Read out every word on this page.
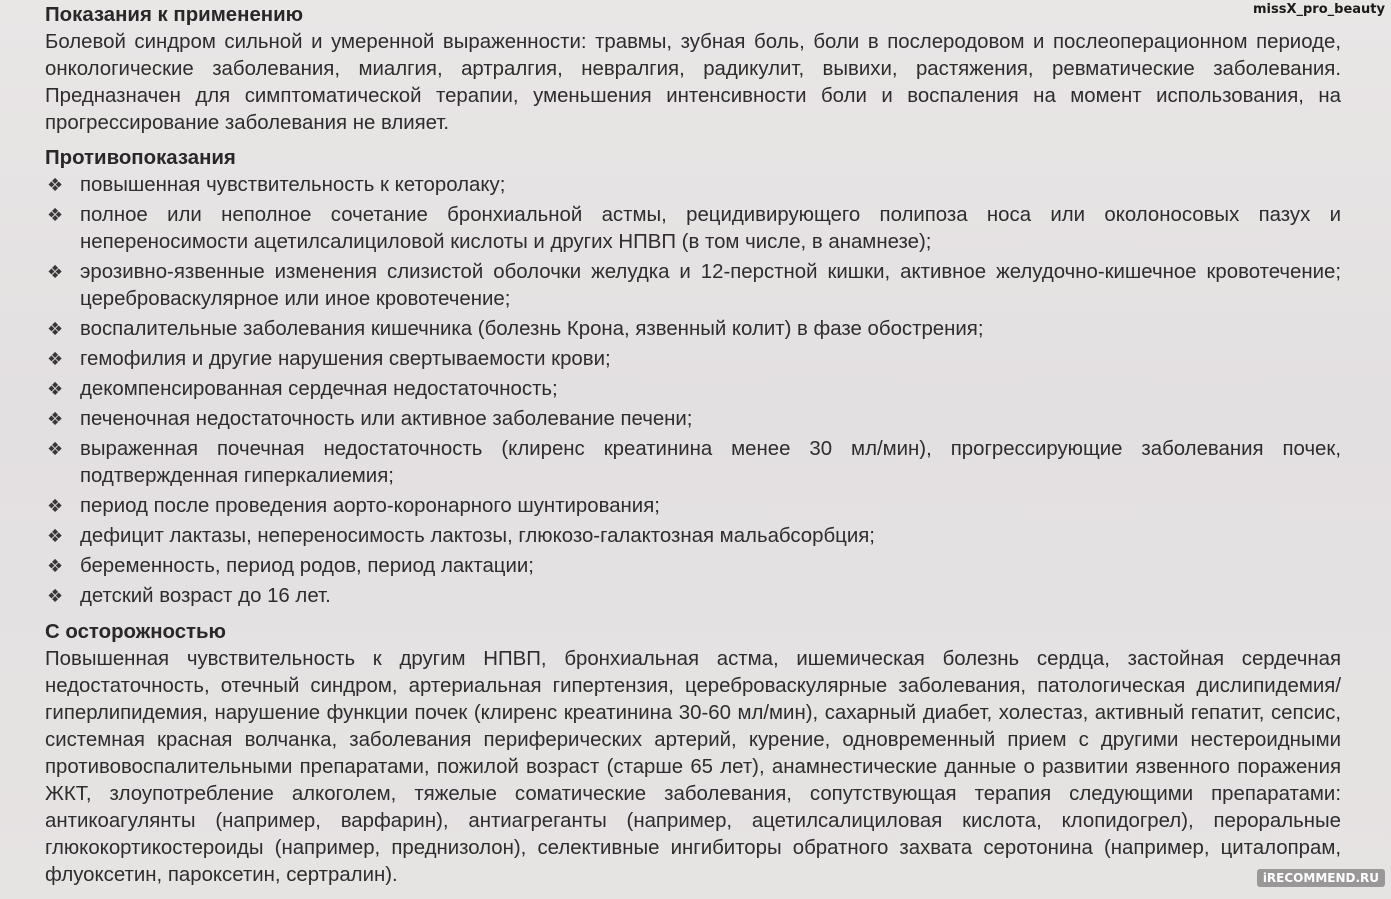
missX_pro_beauty
Показания к применению

Болевой синдром сильной и умеренной выраженности: травмы, зубная боль, боли в послеродовом и послеоперационном периоде, онкологические заболевания, миалгия, артралгия, невралгия, радикулит, вывихи, растяжения, ревматические заболевания. Предназначен для симптоматической терапии, уменьшения интенсивности боли и воспаления на момент использования, на прогрессирование заболевания не влияет.

Противопоказания
❖ повышенная чувствительность к кеторолаку;
❖ полное или неполное сочетание бронхиальной астмы, рецидивирующего полипоза носа или околоносовых пазух и непереносимости ацетилсалициловой кислоты и других НПВП (в том числе, в анамнезе);
❖ эрозивно-язвенные изменения слизистой оболочки желудка и 12-перстной кишки, активное желудочно-кишечное кровотечение; цереброваскулярное или иное кровотечение;
❖ воспалительные заболевания кишечника (болезнь Крона, язвенный колит) в фазе обострения;
❖ гемофилия и другие нарушения свертываемости крови;
❖ декомпенсированная сердечная недостаточность;
❖ печеночная недостаточность или активное заболевание печени;
❖ выраженная почечная недостаточность (клиренс креатинина менее 30 мл/мин), прогрессирующие заболевания почек, подтвержденная гиперкалиемия;
❖ период после проведения аорто-коронарного шунтирования;
❖ дефицит лактазы, непереносимость лактозы, глюкозо-галактозная мальабсорбция;
❖ беременность, период родов, период лактации;
❖ детский возраст до 16 лет.
С осторожностью

Повышенная чувствительность к другим НПВП, бронхиальная астма, ишемическая болезнь сердца, застойная сердечная недостаточность, отечный синдром, артериальная гипертензия, цереброваскулярные заболевания, патологическая дислипидемия/гиперлипидемия, нарушение функции почек (клиренс креатинина 30-60 мл/мин), сахарный диабет, холестаз, активный гепатит, сепсис, системная красная волчанка, заболевания периферических артерий, курение, одновременный прием с другими нестероидными противовоспалительными препаратами, пожилой возраст (старше 65 лет), анамнестические данные о развитии язвенного поражения ЖКТ, злоупотребление алкоголем, тяжелые соматические заболевания, сопутствующая терапия следующими препаратами: антикоагулянты (например, варфарин), антиагреганты (например, ацетилсалициловая кислота, клопидогрел), пероральные глюкокортикостероиды (например, преднизолон), селективные ингибиторы обратного захвата серотонина (например, циталопрам, флуоксетин, пароксетин, сертралин).	iRECOMMEND.RU
